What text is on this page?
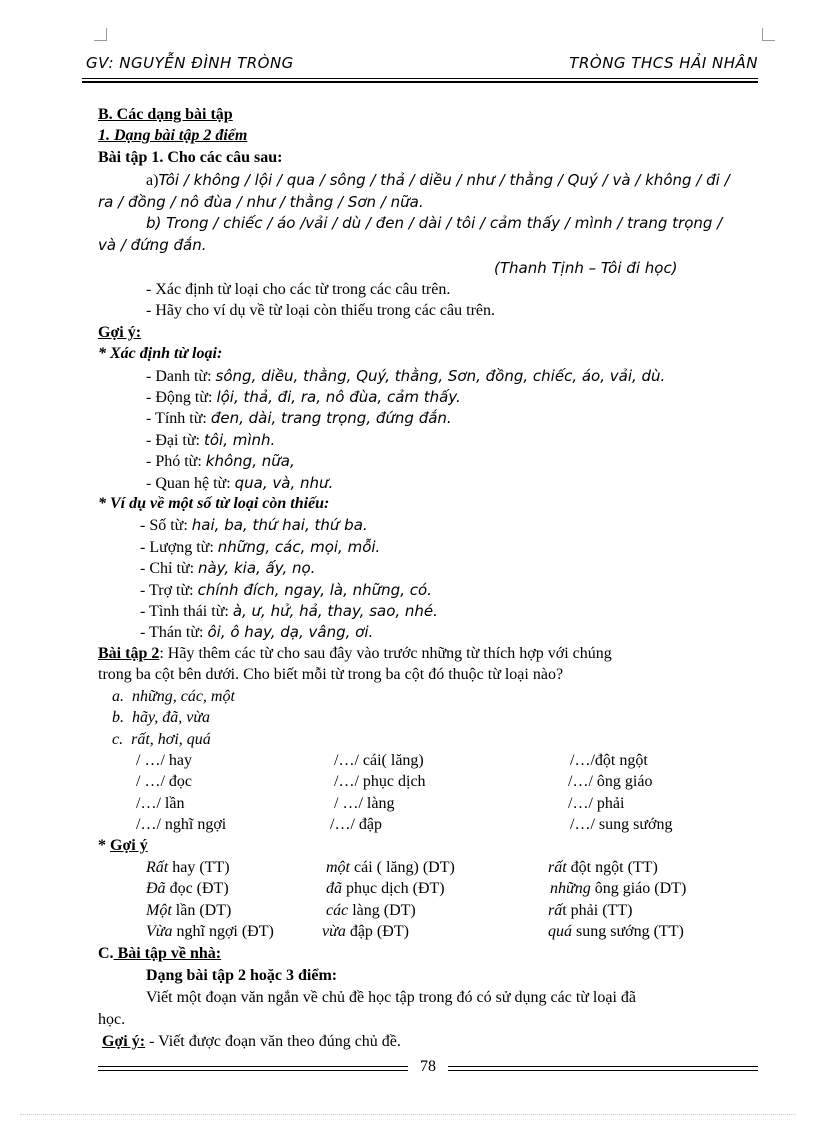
GV: NGUYỄN ĐÌNH TRÒNG	TRÒNG THCS HẢI NHÂN
B. Các dạng bài tập
1. Dạng bài tập 2 điểm
Bài tập 1. Cho các câu sau:
a)Tôi / không / lội / qua / sông / thả / diều / như / thằng / Quý / và / không / đi /
ra / đồng / nô đùa / như / thằng / Sơn / nữa.
b) Trong / chiếc / áo /vải / dù / đen / dài / tôi / cảm thấy / mình / trang trọng /
và / đứng đắn.
(Thanh Tịnh – Tôi đi học)
- Xác định từ loại cho các từ trong các câu trên.
- Hãy cho ví dụ về từ loại còn thiếu trong các câu trên.
Gợi ý:
* Xác định từ loại:
- Danh từ: sông, diều, thằng, Quý, thằng, Sơn, đồng, chiếc, áo, vải, dù.
- Động từ: lội, thả, đi, ra, nô đùa, cảm thấy.
- Tính từ: đen, dài, trang trọng, đứng đắn.
- Đại từ: tôi, mình.
- Phó từ: không, nữa,
- Quan hệ từ: qua, và, như.
* Ví dụ về một số từ loại còn thiếu:
- Số từ: hai, ba, thứ hai, thứ ba.
- Lượng từ: những, các, mọi, mỗi.
- Chỉ từ: này, kia, ấy, nọ.
- Trợ từ: chính đích, ngay, là, những, có.
- Tình thái từ: à, ư, hử, hả, thay, sao, nhé.
- Thán từ: ôi, ô hay, dạ, vâng, ơi.
Bài tập 2: Hãy thêm các từ cho sau đây vào trước những từ thích hợp với chúng
trong ba cột bên dưới. Cho biết mỗi từ trong ba cột đó thuộc từ loại nào?
a. những, các, một
b. hãy, đã, vừa
c. rất, hơi, quá
/ …/ hay	/…/ cái( lăng)	/…/đột ngột
/ …/ đọc	/…/ phục dịch	/…/ ông giáo
/…/ lần	/ …/ làng	/…/ phải
/…/ nghĩ ngợi	/…/ đập	/…/ sung sướng
* Gợi ý
Rất hay (TT)	một cái ( lăng) (DT)	rất đột ngột (TT)
Đã đọc (ĐT)	đã phục dịch (ĐT)	những ông giáo (DT)
Một lần (DT)	các làng (DT)	rất phải (TT)
Vừa nghĩ ngợi (ĐT)	vừa đập (ĐT)	quá sung sướng (TT)
C. Bài tập về nhà:
Dạng bài tập 2 hoặc 3 điểm:
Viết một đoạn văn ngắn về chủ đề học tập trong đó có sử dụng các từ loại đã
học.
Gợi ý: - Viết được đoạn văn theo đúng chủ đề.
78
